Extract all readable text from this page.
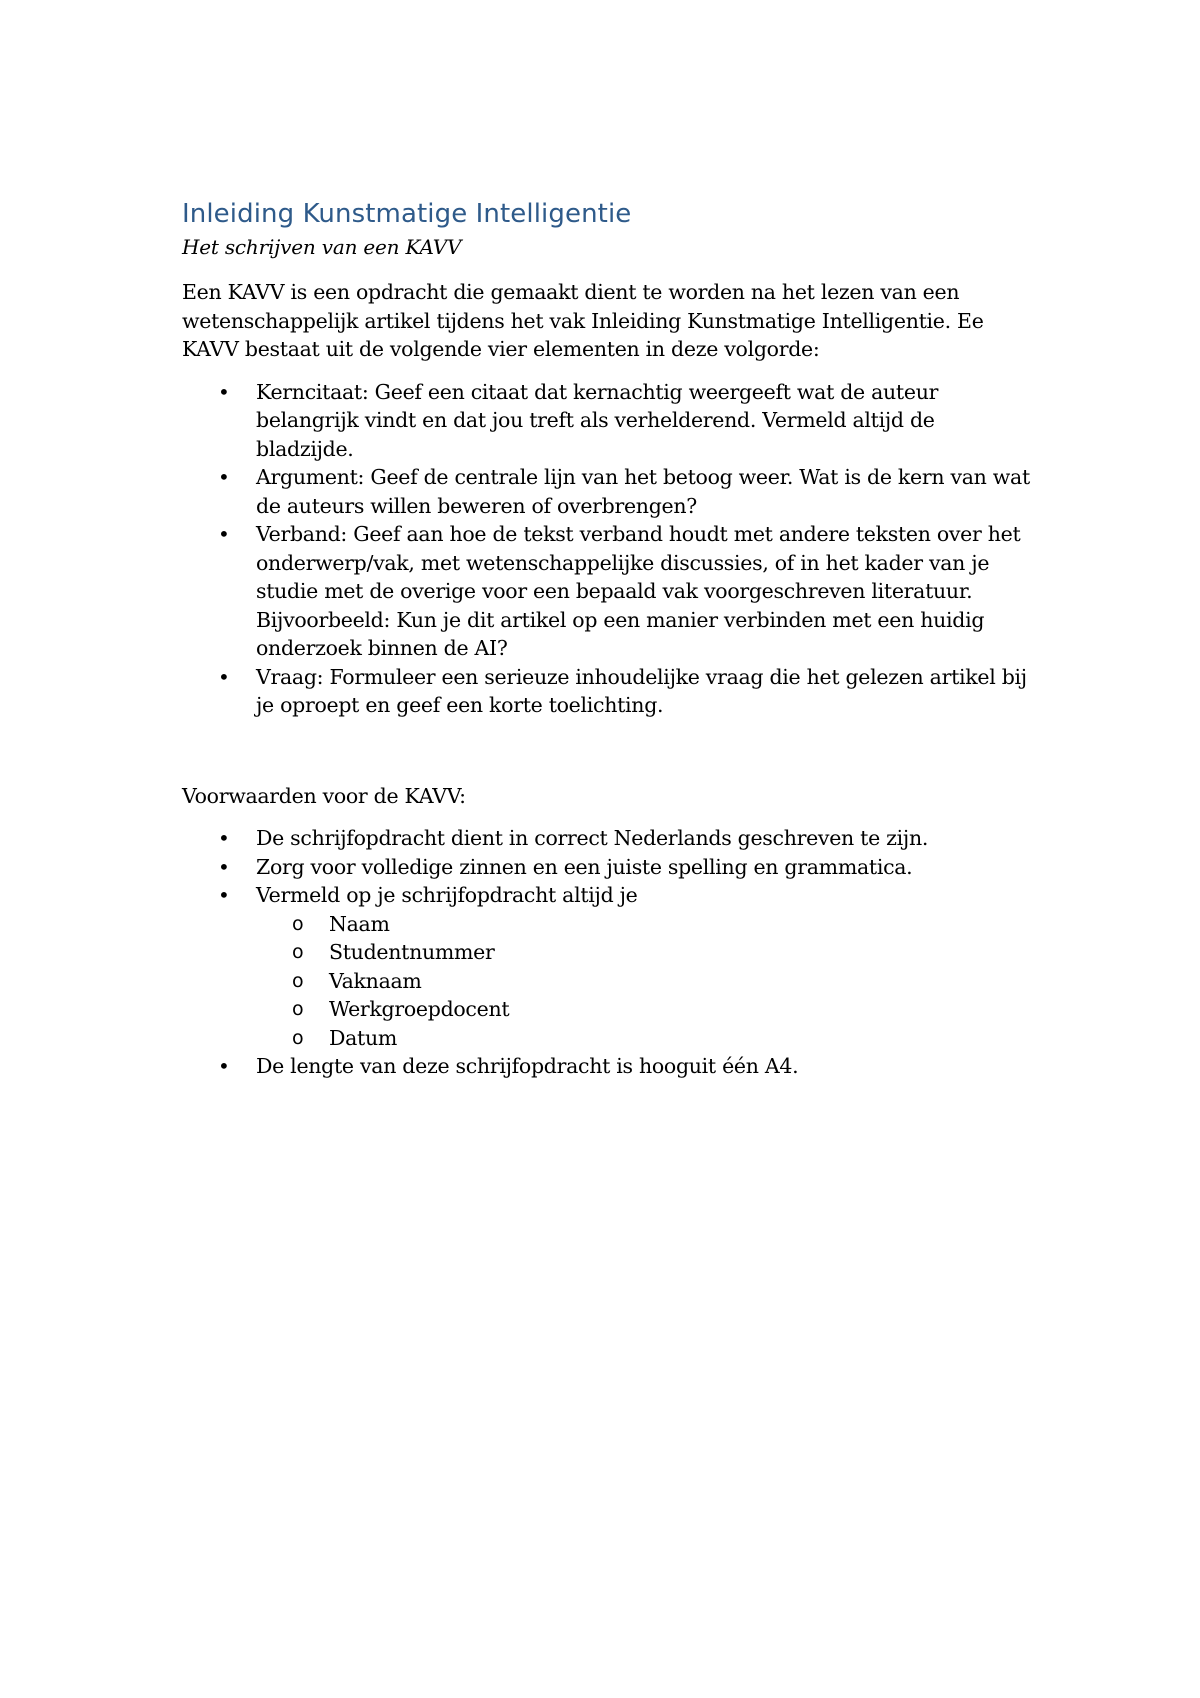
Inleiding Kunstmatige Intelligentie

Het schrijven van een KAVV

Een KAVV is een opdracht die gemaakt dient te worden na het lezen van een wetenschappelijk artikel tijdens het vak Inleiding Kunstmatige Intelligentie. Ee KAVV bestaat uit de volgende vier elementen in deze volgorde:

•	Kerncitaat: Geef een citaat dat kernachtig weergeeft wat de auteur belangrijk vindt en dat jou treft als verhelderend. Vermeld altijd de bladzijde.
•	Argument: Geef de centrale lijn van het betoog weer. Wat is de kern van wat de auteurs willen beweren of overbrengen?
•	Verband: Geef aan hoe de tekst verband houdt met andere teksten over het onderwerp/vak, met wetenschappelijke discussies, of in het kader van je studie met de overige voor een bepaald vak voorgeschreven literatuur. Bijvoorbeeld: Kun je dit artikel op een manier verbinden met een huidig onderzoek binnen de AI?
•	Vraag: Formuleer een serieuze inhoudelijke vraag die het gelezen artikel bij je oproept en geef een korte toelichting.

Voorwaarden voor de KAVV:

•	De schrijfopdracht dient in correct Nederlands geschreven te zijn.
•	Zorg voor volledige zinnen en een juiste spelling en grammatica.
•	Vermeld op je schrijfopdracht altijd je
o Naam
o Studentnummer
o Vaknaam
o Werkgroepdocent
o Datum
•	De lengte van deze schrijfopdracht is hooguit één A4.
